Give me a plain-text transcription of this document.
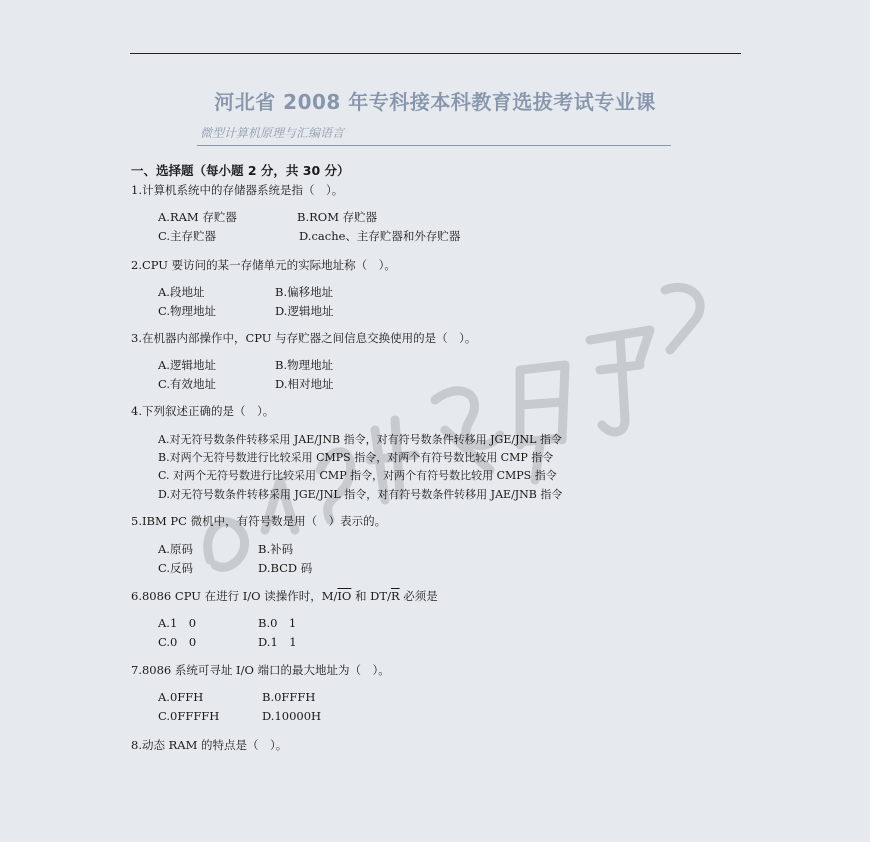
河北省 2008 年专科接本科教育选拔考试专业课
微型计算机原理与汇编语言
一、选择题（每小题 2 分，共 30 分）
1.计算机系统中的存储器系统是指（　）。
A.RAM 存贮器	B.ROM 存贮器
C.主存贮器	D.cache、主存贮器和外存贮器
2.CPU 要访问的某一存储单元的实际地址称（　）。
A.段地址	B.偏移地址
C.物理地址	D.逻辑地址
3.在机器内部操作中，CPU 与存贮器之间信息交换使用的是（　）。
A.逻辑地址	B.物理地址
C.有效地址	D.相对地址
4.下列叙述正确的是（　）。
A.对无符号数条件转移采用 JAE/JNB 指令，对有符号数条件转移用 JGE/JNL 指令
B.对两个无符号数进行比较采用 CMPS 指令，对两个有符号数比较用 CMP 指令
C. 对两个无符号数进行比较采用 CMP 指令，对两个有符号数比较用 CMPS 指令
D.对无符号数条件转移采用 JGE/JNL 指令，对有符号数条件转移用 JAE/JNB 指令
5.IBM PC 微机中，有符号数是用（　）表示的。
A.原码	B.补码
C.反码	D.BCD 码
6.8086 CPU 在进行 I/O 读操作时，$M/\overline{IO}$ 和 $DT/\overline{R}$ 必须是
A.1　0	B.0　1
C.0　0	D.1　1
7.8086 系统可寻址 I/O 端口的最大地址为（　）。
A.0FFH	B.0FFFH
C.0FFFFH	D.10000H
8.动态 RAM 的特点是（　）。
